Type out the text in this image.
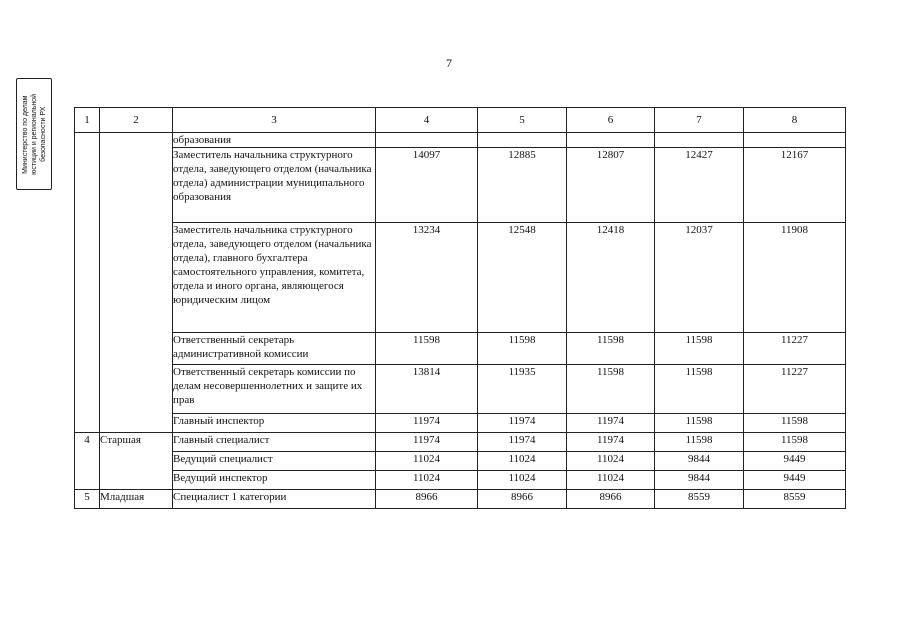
7
Министерство по делам
юстиции и региональной
безопасности РХ
1	2	3	4	5	6	7	8
		образования					
		Заместитель начальника структурного отдела, заведующего отделом (начальника отдела) администрации муниципального образования	14097	12885	12807	12427	12167
		Заместитель начальника структурного отдела, заведующего отделом (начальника отдела), главного бухгалтера самостоятельного управления, комитета, отдела и иного органа, являющегося юридическим лицом	13234	12548	12418	12037	11908
		Ответственный секретарь административной комиссии	11598	11598	11598	11598	11227
		Ответственный секретарь комиссии по делам несовершеннолетних и защите их прав	13814	11935	11598	11598	11227
		Главный инспектор	11974	11974	11974	11598	11598
4	Старшая	Главный специалист	11974	11974	11974	11598	11598
		Ведущий специалист	11024	11024	11024	9844	9449
		Ведущий инспектор	11024	11024	11024	9844	9449
5	Младшая	Специалист 1 категории	8966	8966	8966	8559	8559
